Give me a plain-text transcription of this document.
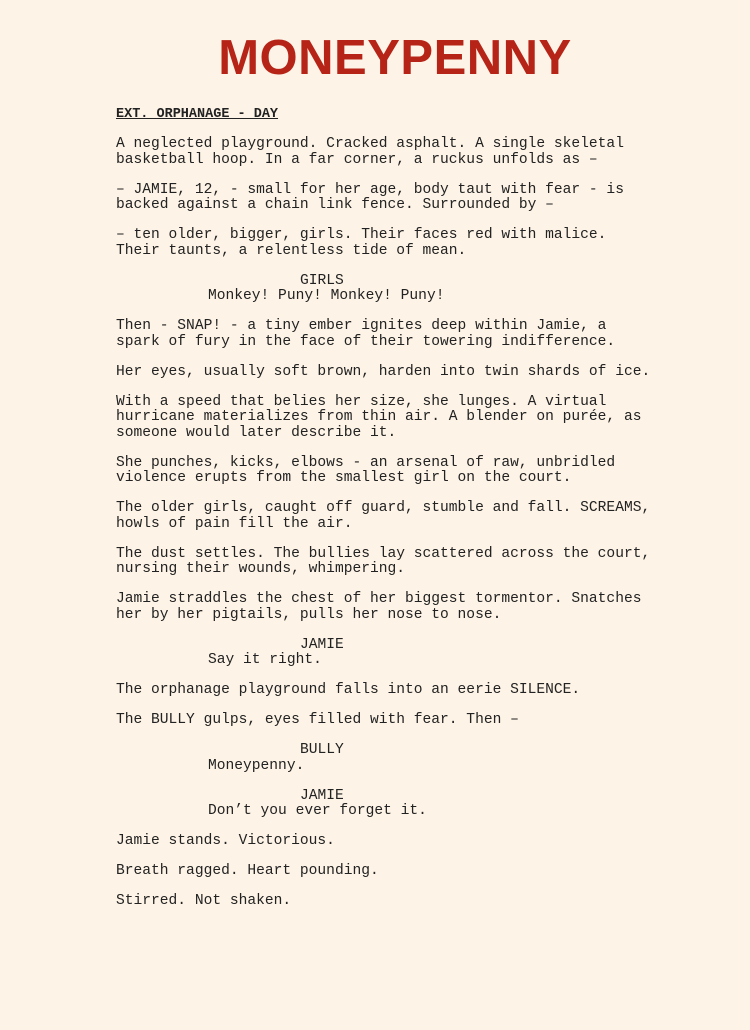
MONEYPENNY

EXT. ORPHANAGE - DAY

A neglected playground. Cracked asphalt. A single skeletal
basketball hoop. In a far corner, a ruckus unfolds as –

– JAMIE, 12, - small for her age, body taut with fear - is
backed against a chain link fence. Surrounded by –

– ten older, bigger, girls. Their faces red with malice.
Their taunts, a relentless tide of mean.

GIRLS

Monkey! Puny! Monkey! Puny!

Then - SNAP! - a tiny ember ignites deep within Jamie, a
spark of fury in the face of their towering indifference.

Her eyes, usually soft brown, harden into twin shards of ice.

With a speed that belies her size, she lunges. A virtual
hurricane materializes from thin air. A blender on purée, as
someone would later describe it.

She punches, kicks, elbows - an arsenal of raw, unbridled
violence erupts from the smallest girl on the court.

The older girls, caught off guard, stumble and fall. SCREAMS,
howls of pain fill the air.

The dust settles. The bullies lay scattered across the court,
nursing their wounds, whimpering.

Jamie straddles the chest of her biggest tormentor. Snatches
her by her pigtails, pulls her nose to nose.

JAMIE

Say it right.

The orphanage playground falls into an eerie SILENCE.

The BULLY gulps, eyes filled with fear. Then –

BULLY

Moneypenny.

JAMIE

Don’t you ever forget it.

Jamie stands. Victorious.

Breath ragged. Heart pounding.

Stirred. Not shaken.
